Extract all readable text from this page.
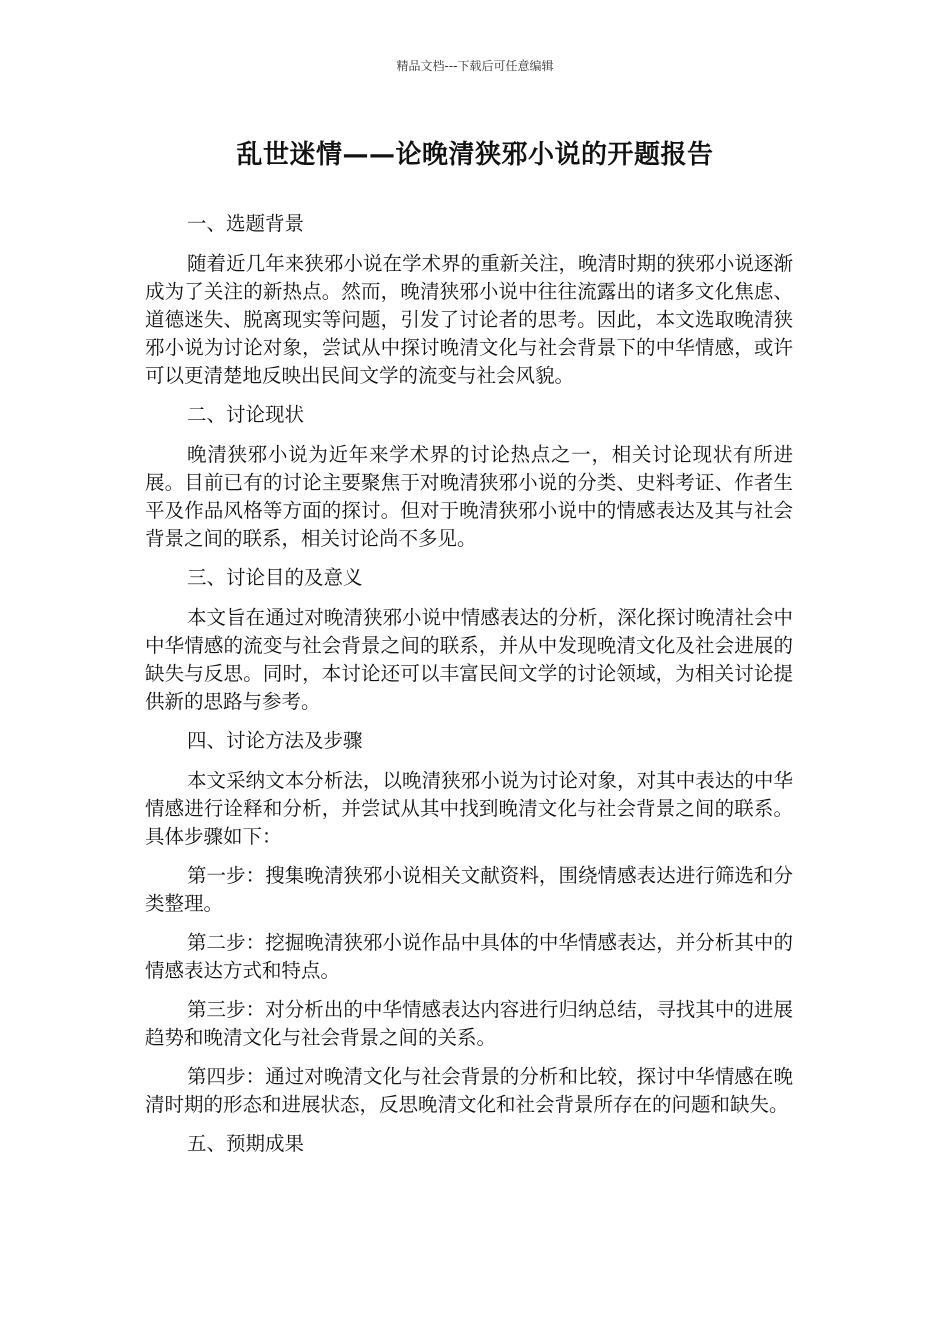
精品文档---下载后可任意编辑
乱世迷情——论晚清狭邪小说的开题报告

一、选题背景

随着近几年来狭邪小说在学术界的重新关注，晚清时期的狭邪小说逐渐成为了关注的新热点。然而，晚清狭邪小说中往往流露出的诸多文化焦虑、道德迷失、脱离现实等问题，引发了讨论者的思考。因此，本文选取晚清狭邪小说为讨论对象，尝试从中探讨晚清文化与社会背景下的中华情感，或许可以更清楚地反映出民间文学的流变与社会风貌。

二、讨论现状

晚清狭邪小说为近年来学术界的讨论热点之一，相关讨论现状有所进展。目前已有的讨论主要聚焦于对晚清狭邪小说的分类、史料考证、作者生平及作品风格等方面的探讨。但对于晚清狭邪小说中的情感表达及其与社会背景之间的联系，相关讨论尚不多见。

三、讨论目的及意义

本文旨在通过对晚清狭邪小说中情感表达的分析，深化探讨晚清社会中中华情感的流变与社会背景之间的联系，并从中发现晚清文化及社会进展的缺失与反思。同时，本讨论还可以丰富民间文学的讨论领域，为相关讨论提供新的思路与参考。

四、讨论方法及步骤

本文采纳文本分析法，以晚清狭邪小说为讨论对象，对其中表达的中华情感进行诠释和分析，并尝试从其中找到晚清文化与社会背景之间的联系。具体步骤如下：

第一步：搜集晚清狭邪小说相关文献资料，围绕情感表达进行筛选和分类整理。

第二步：挖掘晚清狭邪小说作品中具体的中华情感表达，并分析其中的情感表达方式和特点。

第三步：对分析出的中华情感表达内容进行归纳总结，寻找其中的进展趋势和晚清文化与社会背景之间的关系。

第四步：通过对晚清文化与社会背景的分析和比较，探讨中华情感在晚清时期的形态和进展状态，反思晚清文化和社会背景所存在的问题和缺失。

五、预期成果
